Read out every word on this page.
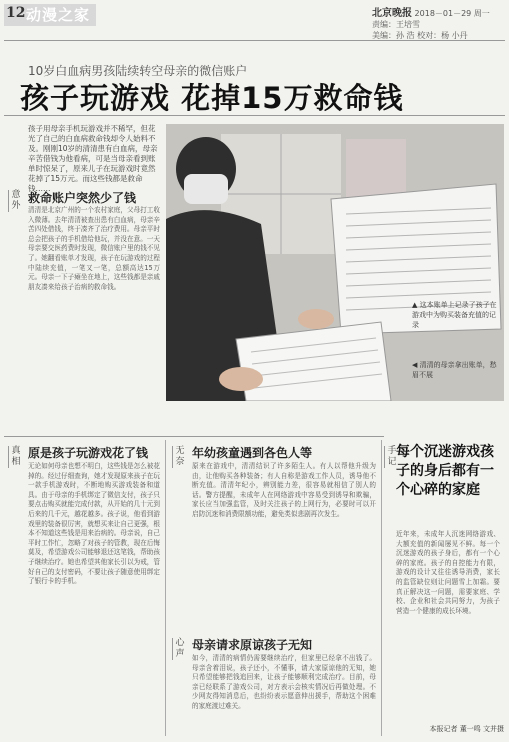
12 动漫之家	北京晚报 2018－01－29 周一
责编：王培雪
美编：孙 浩 校对：杨 小丹
10岁白血病男孩陆续转空母亲的微信账户
孩子玩游戏 花掉15万救命钱
孩子用母亲手机玩游戏并不稀罕，但花光了自己的白血病救命钱却令人始料不及。刚刚10岁的清清患有白血病，母亲辛苦借钱为他看病，可是当母亲看到账单时惊呆了，原来儿子在玩游戏时竟然花掉了15万元。而这些钱都是救命钱……
▲ 这本账单上记录了孩子在游戏中为购买装备充值的记录
◀ 清清的母亲拿出账单，愁眉不展
意外
救命账户突然少了钱
清清是北京广州的一个农村家庭，父母打工收入微薄。去年清清被查出患有白血病，母亲辛苦四处借钱，终于凑齐了治疗费用。母亲平时总会把孩子的手机借给他玩，并没在意。一天母亲要交医药费时发现，微信账户里的钱不见了。她翻看账单才发现，孩子在玩游戏的过程中陆续充值，一笔又一笔，总额高达15万元。母亲一下子瘫坐在地上，这些钱都是亲戚朋友凑来给孩子治病的救命钱。
真相
原是孩子玩游戏花了钱
无论如何母亲也想不明白，这些钱是怎么被花掉的。经过仔细查询，她才发现原来孩子在玩一款手机游戏时，不断地购买游戏装备和道具。由于母亲的手机绑定了微信支付，孩子只要点击购买就能完成付款，从开始的几十元到后来的几千元，越花越多。孩子说，他看到游戏里的装备很厉害，就想买来让自己更强，根本不知道这些钱是用来治病的。母亲说，自己平时工作忙，忽略了对孩子的管教，现在后悔莫及，希望游戏公司能够退还这笔钱，帮助孩子继续治疗。她也希望其他家长引以为戒，管好自己的支付密码，不要让孩子随意使用绑定了银行卡的手机。
无奈
年幼孩童遇到各色人等
原来在游戏中，清清结识了许多陌生人。有人以帮他升级为由，让他购买各种装备；有人自称是游戏工作人员，诱导他不断充值。清清年纪小，辨别能力差，很容易就相信了别人的话。警方提醒，未成年人在网络游戏中容易受到诱导和欺骗，家长应当加强监管，及时关注孩子的上网行为，必要时可以开启防沉迷和消费限额功能，避免类似悲剧再次发生。
心声
母亲请求原谅孩子无知
如今，清清的病情仍需要继续治疗，但家里已经拿不出钱了。母亲含着泪说，孩子还小，不懂事，请大家原谅他的无知，她只希望能够把钱追回来，让孩子能够顺利完成治疗。目前，母亲已经联系了游戏公司，对方表示会核实情况后再做处理。不少网友得知消息后，也纷纷表示愿意伸出援手，帮助这个困难的家庭渡过难关。
手记
每个沉迷游戏孩子的身后都有一个心碎的家庭
近年来，未成年人沉迷网络游戏、大额充值的新闻屡见不鲜。每一个沉迷游戏的孩子身后，都有一个心碎的家庭。孩子的自控能力有限，游戏的设计又往往诱导消费，家长的监管缺位则让问题雪上加霜。要真正解决这一问题，需要家庭、学校、企业和社会共同努力，为孩子营造一个健康的成长环境。
本报记者 董一鸣 文并摄
